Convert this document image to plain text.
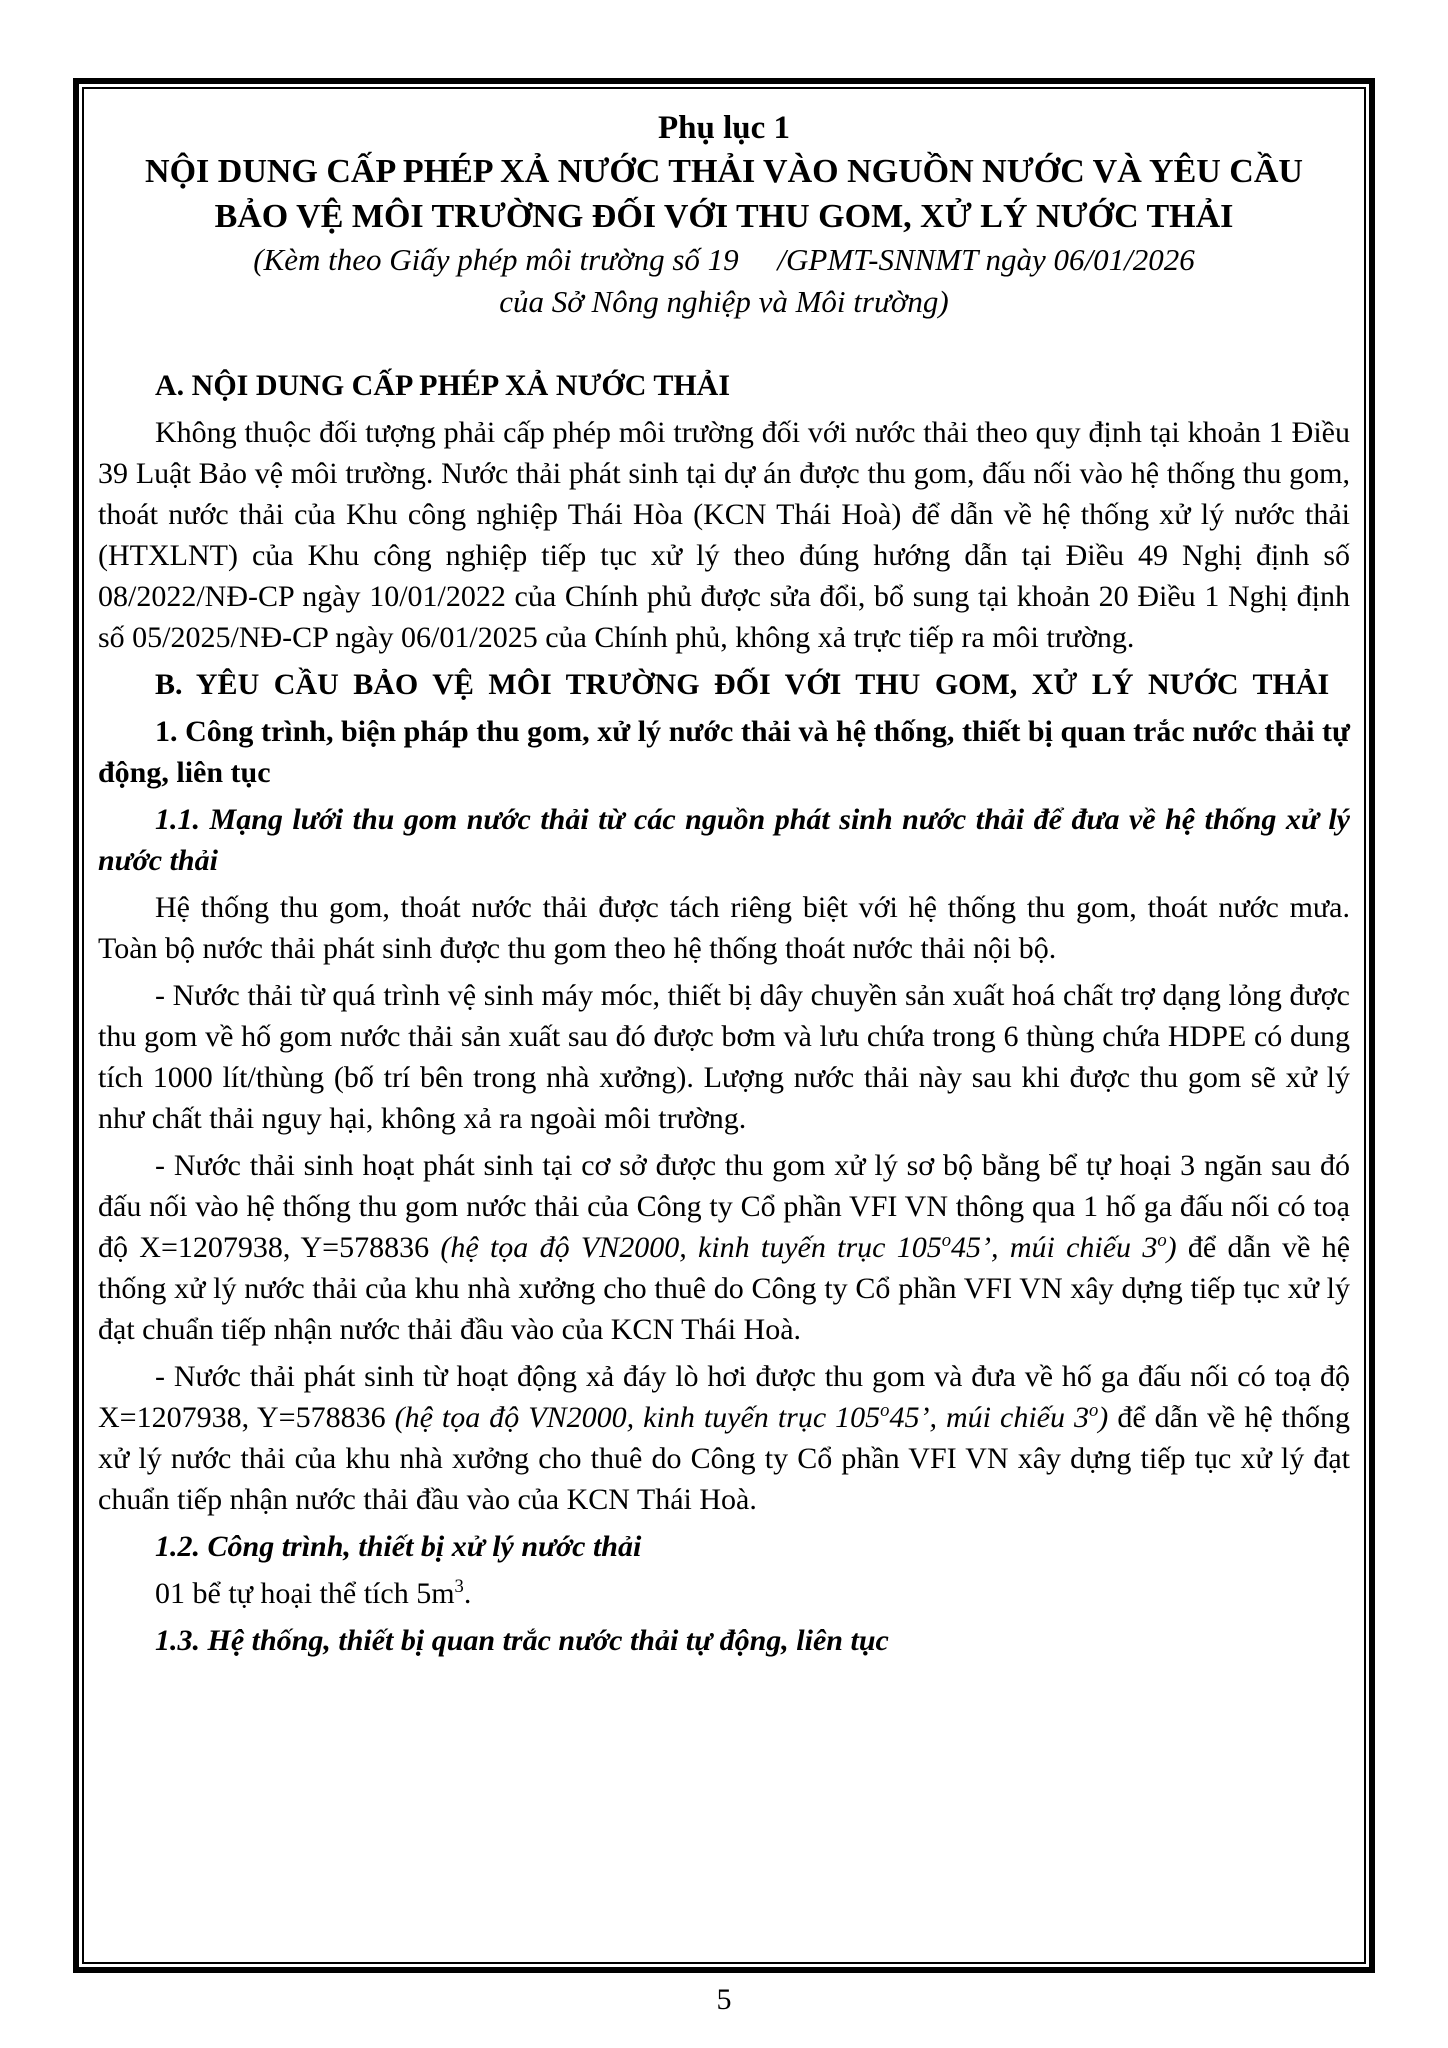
Phụ lục 1
NỘI DUNG CẤP PHÉP XẢ NƯỚC THẢI VÀO NGUỒN NƯỚC VÀ YÊU CẦU
BẢO VỆ MÔI TRƯỜNG ĐỐI VỚI THU GOM, XỬ LÝ NƯỚC THẢI
(Kèm theo Giấy phép môi trường số 19     /GPMT-SNNMT ngày 06/01/2026
của Sở Nông nghiệp và Môi trường)
A. NỘI DUNG CẤP PHÉP XẢ NƯỚC THẢI
Không thuộc đối tượng phải cấp phép môi trường đối với nước thải theo quy định tại khoản 1 Điều 39 Luật Bảo vệ môi trường. Nước thải phát sinh tại dự án được thu gom, đấu nối vào hệ thống thu gom, thoát nước thải của Khu công nghiệp Thái Hòa (KCN Thái Hoà) để dẫn về hệ thống xử lý nước thải (HTXLNT) của Khu công nghiệp tiếp tục xử lý theo đúng hướng dẫn tại Điều 49 Nghị định số 08/2022/NĐ-CP ngày 10/01/2022 của Chính phủ được sửa đổi, bổ sung tại khoản 20 Điều 1 Nghị định số 05/2025/NĐ-CP ngày 06/01/2025 của Chính phủ, không xả trực tiếp ra môi trường.
B. YÊU CẦU BẢO VỆ MÔI TRƯỜNG ĐỐI VỚI THU GOM, XỬ LÝ NƯỚC THẢI
1. Công trình, biện pháp thu gom, xử lý nước thải và hệ thống, thiết bị quan trắc nước thải tự động, liên tục
1.1. Mạng lưới thu gom nước thải từ các nguồn phát sinh nước thải để đưa về hệ thống xử lý nước thải
Hệ thống thu gom, thoát nước thải được tách riêng biệt với hệ thống thu gom, thoát nước mưa. Toàn bộ nước thải phát sinh được thu gom theo hệ thống thoát nước thải nội bộ.
- Nước thải từ quá trình vệ sinh máy móc, thiết bị dây chuyền sản xuất hoá chất trợ dạng lỏng được thu gom về hố gom nước thải sản xuất sau đó được bơm và lưu chứa trong 6 thùng chứa HDPE có dung tích 1000 lít/thùng (bố trí bên trong nhà xưởng). Lượng nước thải này sau khi được thu gom sẽ xử lý như chất thải nguy hại, không xả ra ngoài môi trường.
- Nước thải sinh hoạt phát sinh tại cơ sở được thu gom xử lý sơ bộ bằng bể tự hoại 3 ngăn sau đó đấu nối vào hệ thống thu gom nước thải của Công ty Cổ phần VFI VN thông qua 1 hố ga đấu nối có toạ độ X=1207938, Y=578836 (hệ tọa độ VN2000, kinh tuyến trục 105$^o$45’, múi chiếu 3$^o$) để dẫn về hệ thống xử lý nước thải của khu nhà xưởng cho thuê do Công ty Cổ phần VFI VN xây dựng tiếp tục xử lý đạt chuẩn tiếp nhận nước thải đầu vào của KCN Thái Hoà.
- Nước thải phát sinh từ hoạt động xả đáy lò hơi được thu gom và đưa về hố ga đấu nối có toạ độ X=1207938, Y=578836 (hệ tọa độ VN2000, kinh tuyến trục 105$^o$45’, múi chiếu 3$^o$) để dẫn về hệ thống xử lý nước thải của khu nhà xưởng cho thuê do Công ty Cổ phần VFI VN xây dựng tiếp tục xử lý đạt chuẩn tiếp nhận nước thải đầu vào của KCN Thái Hoà.
1.2. Công trình, thiết bị xử lý nước thải
01 bể tự hoại thể tích $5m^3$.
1.3. Hệ thống, thiết bị quan trắc nước thải tự động, liên tục
5
